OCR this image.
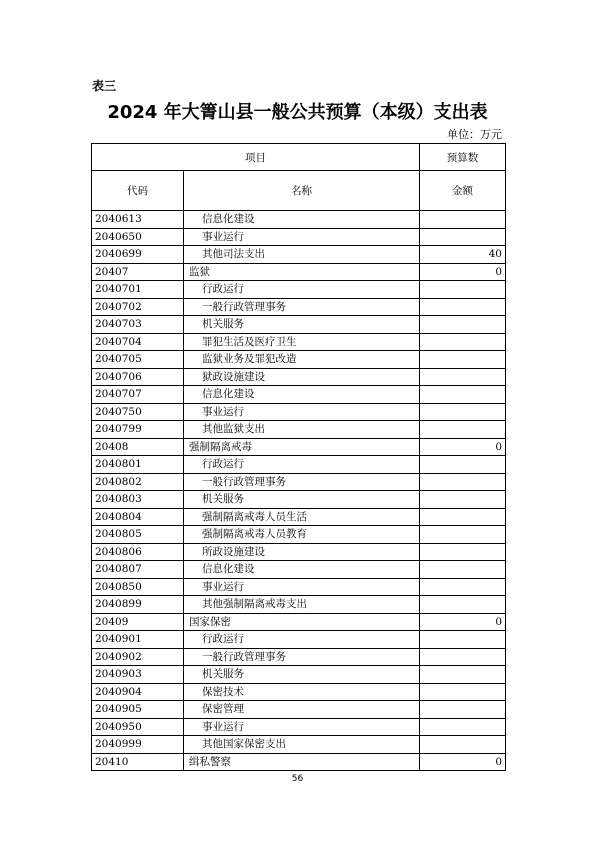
表三
2024 年大箐山县一般公共预算（本级）支出表
单位：万元
项目		预算数
代码	名称	金额
2040613	信息化建设	
2040650	事业运行	
2040699	其他司法支出	40
20407	监狱	0
2040701	行政运行	
2040702	一般行政管理事务	
2040703	机关服务	
2040704	罪犯生活及医疗卫生	
2040705	监狱业务及罪犯改造	
2040706	狱政设施建设	
2040707	信息化建设	
2040750	事业运行	
2040799	其他监狱支出	
20408	强制隔离戒毒	0
2040801	行政运行	
2040802	一般行政管理事务	
2040803	机关服务	
2040804	强制隔离戒毒人员生活	
2040805	强制隔离戒毒人员教育	
2040806	所政设施建设	
2040807	信息化建设	
2040850	事业运行	
2040899	其他强制隔离戒毒支出	
20409	国家保密	0
2040901	行政运行	
2040902	一般行政管理事务	
2040903	机关服务	
2040904	保密技术	
2040905	保密管理	
2040950	事业运行	
2040999	其他国家保密支出	
20410	缉私警察	0
56
